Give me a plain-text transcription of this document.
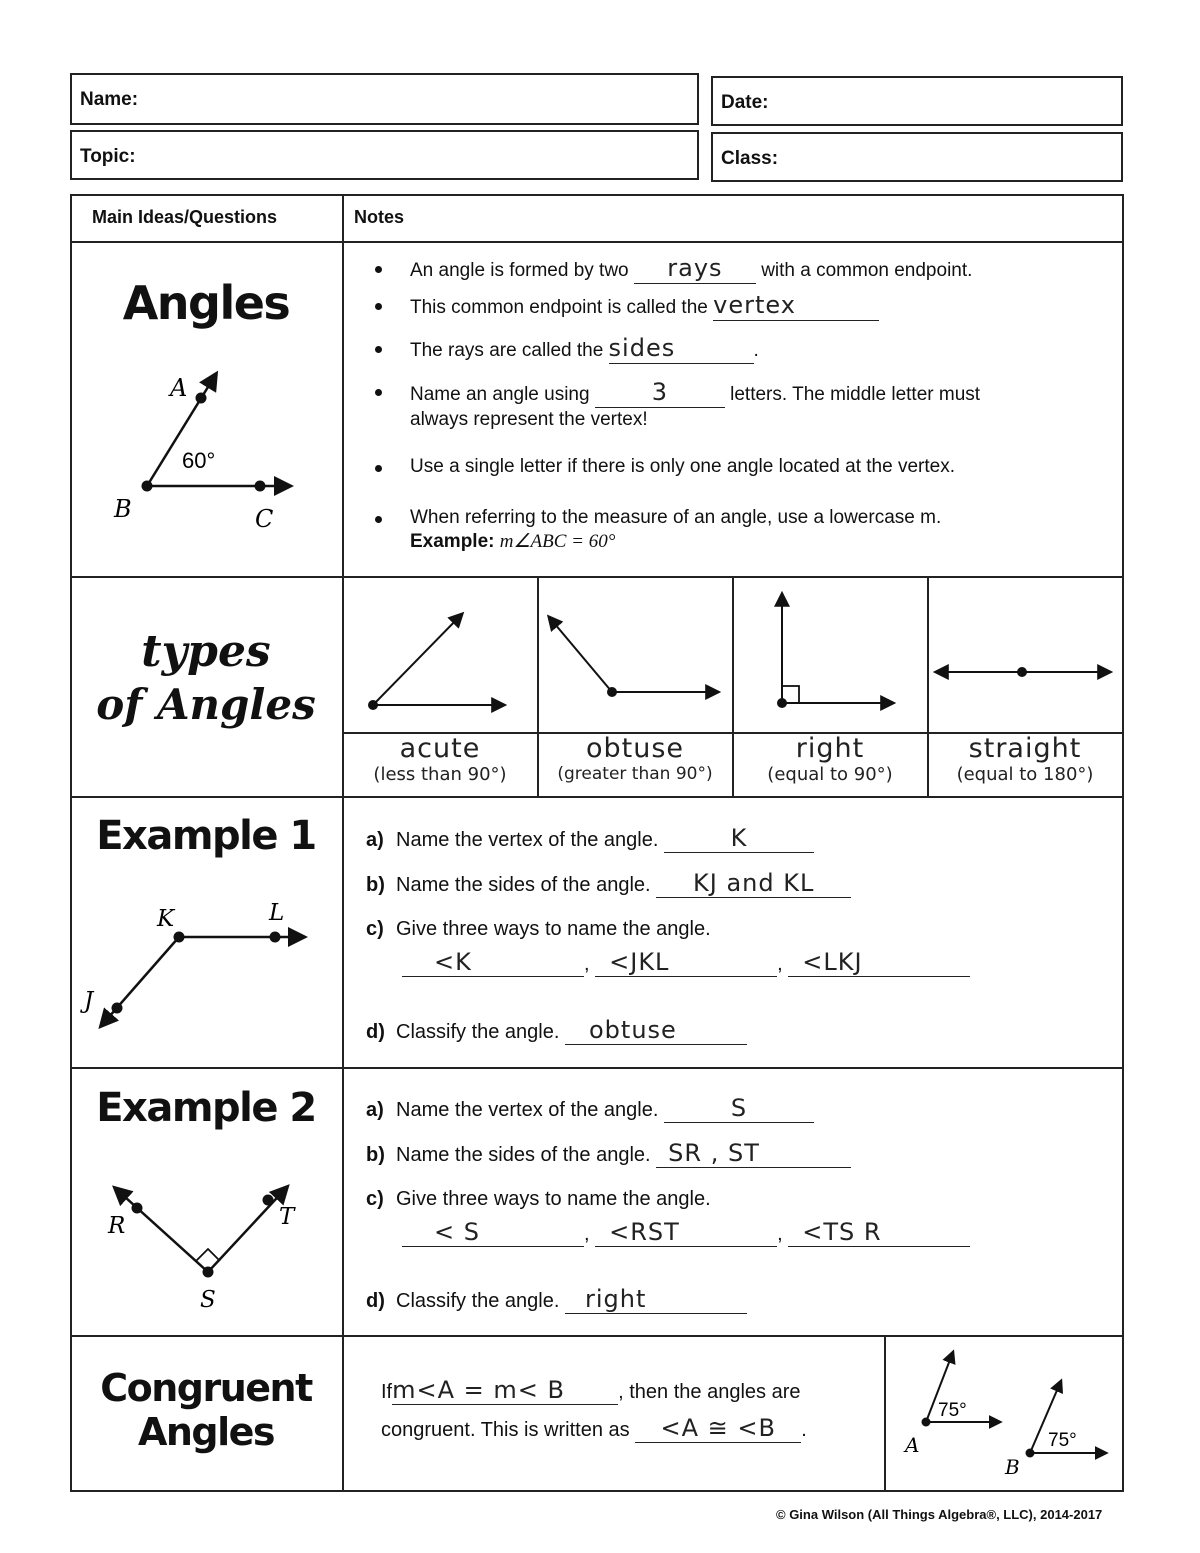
Name:	Date:
Topic:	Class:
Main Ideas/Questions	Notes
Angles
A
B	C
60°
An angle is formed by two rays with a common endpoint.
This common endpoint is called the vertex
The rays are called the sides	.
Name an angle using	3	letters. The middle letter must
always represent the vertex!
Use a single letter if there is only one angle located at the vertex.
When referring to the measure of an angle, use a lowercase m.
Example: m∠ABC = 60°
types
of Angles
acute
(less than 90°)
obtuse
(greater than 90°)
right
(equal to 90°)
straight
(equal to 180°)
Example 1
K	L
J
a) Name the vertex of the angle.	K
b) Name the sides of the angle. KJ and KL
c) Give three ways to name the angle.
<K	, <JKL	, <LKJ
d) Classify the angle. obtuse
Example 2
R
S
T
a) Name the vertex of the angle.	S
b) Name the sides of the angle. SR , ST
c) Give three ways to name the angle.
< S	, <RST	, <TS R
d) Classify the angle. right
Congruent
Angles
Ifm<A = m< B	, then the angles are
congruent. This is written as <A ≅ <B .
75°
A	75°
B
© Gina Wilson (All Things Algebra®, LLC), 2014-2017
